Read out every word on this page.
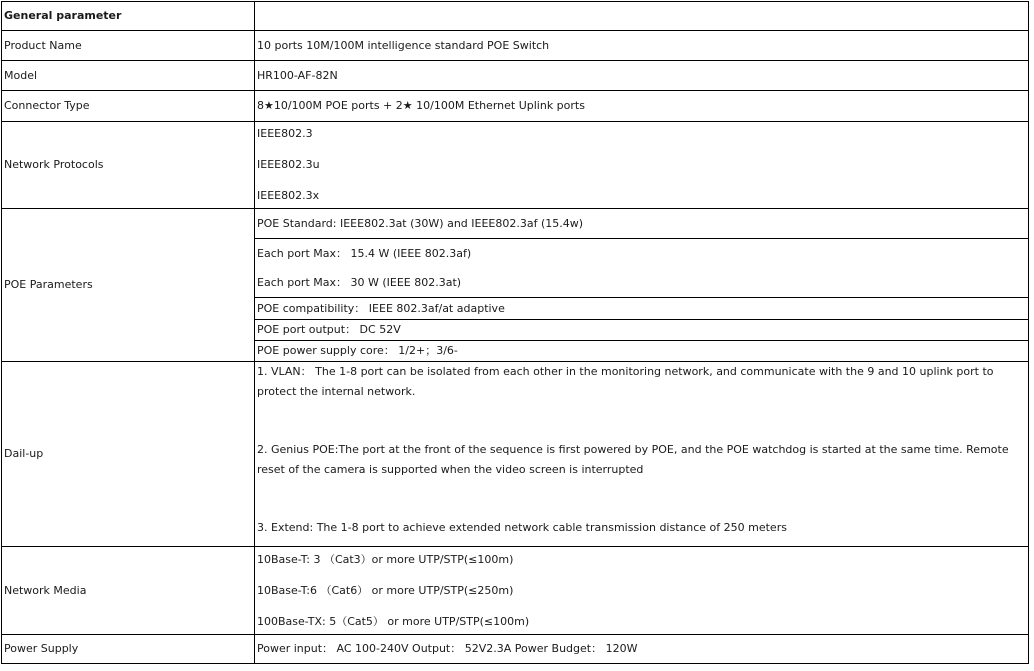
General parameter	
Product Name	10 ports 10M/100M intelligence standard POE Switch
Model	HR100-AF-82N
Connector Type	8★10/100M POE ports + 2★ 10/100M Ethernet Uplink ports
Network Protocols	IEEE802.3
IEEE802.3u
IEEE802.3x

POE Parameters	POE Standard: IEEE802.3at (30W) and IEEE802.3af (15.4w)
	Each port Max： 15.4 W (IEEE 802.3af)
	Each port Max： 30 W (IEEE 802.3at)
	POE compatibility： IEEE 802.3af/at adaptive
	POE port output： DC 52V
	POE power supply core： 1/2+；3/6-
Dail-up	1. VLAN： The 1-8 port can be isolated from each other in the monitoring network, and communicate with the 9 and 10 uplink port to protect the internal network.
2. Genius POE:The port at the front of the sequence is first powered by POE, and the POE watchdog is started at the same time. Remote reset of the camera is supported when the video screen is interrupted
3. Extend: The 1-8 port to achieve extended network cable transmission distance of 250 meters

Network Media	10Base-T: 3 （Cat3）or more UTP/STP(≤100m)
10Base-T:6 （Cat6） or more UTP/STP(≤250m)
100Base-TX: 5（Cat5） or more UTP/STP(≤100m)

Power Supply	Power input： AC 100-240V Output： 52V2.3A Power Budget： 120W
